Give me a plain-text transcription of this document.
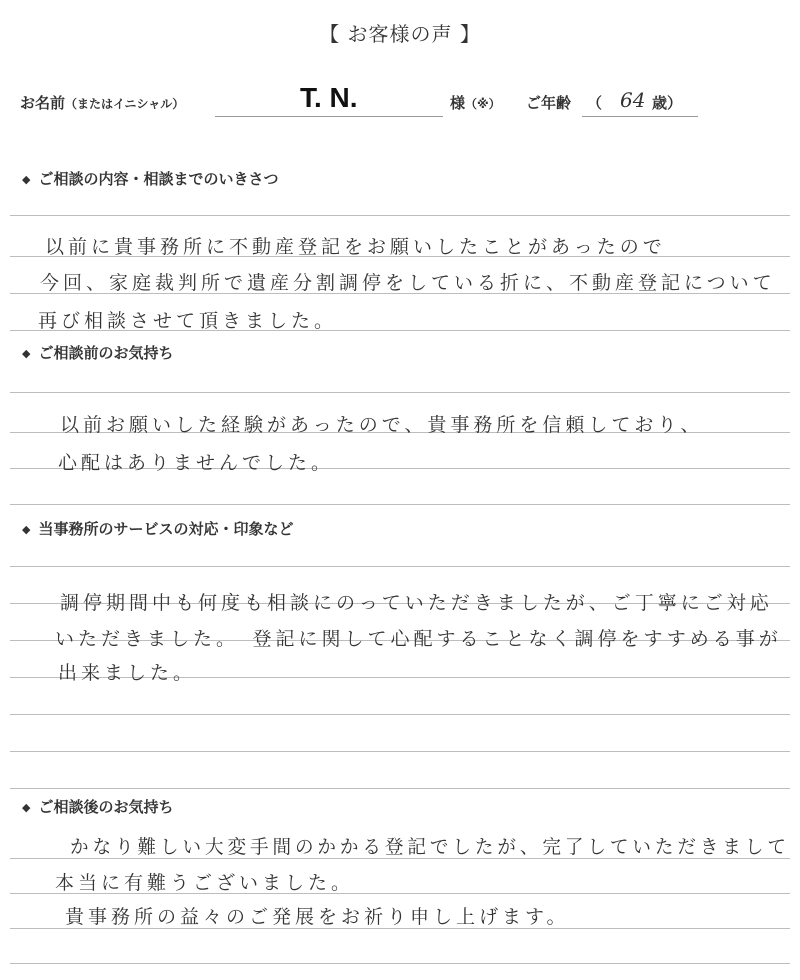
【 お客様の声 】
お名前（またはイニシャル）	T. N.	様（※） ご年齢 （ 64 歳）
◆ ご相談の内容・相談までのいきさつ
以前に貴事務所に不動産登記をお願いしたことがあったので
今回、家庭裁判所で遺産分割調停をしている折に、不動産登記について
再び相談させて頂きました。
◆ ご相談前のお気持ち
以前お願いした経験があったので、貴事務所を信頼しており、
心配はありませんでした。
◆ 当事務所のサービスの対応・印象など
調停期間中も何度も相談にのっていただきましたが、ご丁寧にご対応
いただきました。　登記に関して心配することなく調停をすすめる事が
出来ました。
◆ ご相談後のお気持ち
かなり難しい大変手間のかかる登記でしたが、完了していただきまして
本当に有難うございました。
貴事務所の益々のご発展をお祈り申し上げます。
